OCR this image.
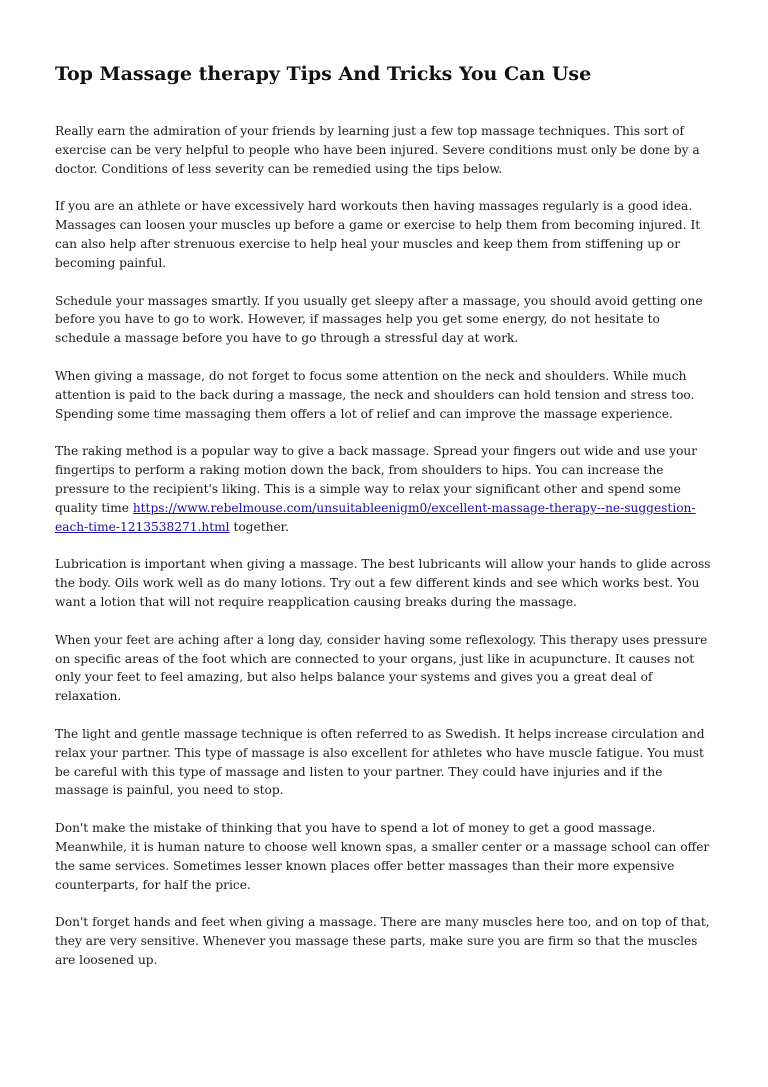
Top Massage therapy Tips And Tricks You Can Use

Really earn the admiration of your friends by learning just a few top massage techniques. This sort of exercise can be very helpful to people who have been injured. Severe conditions must only be done by a doctor. Conditions of less severity can be remedied using the tips below.

If you are an athlete or have excessively hard workouts then having massages regularly is a good idea. Massages can loosen your muscles up before a game or exercise to help them from becoming injured. It can also help after strenuous exercise to help heal your muscles and keep them from stiffening up or becoming painful.

Schedule your massages smartly. If you usually get sleepy after a massage, you should avoid getting one before you have to go to work. However, if massages help you get some energy, do not hesitate to schedule a massage before you have to go through a stressful day at work.

When giving a massage, do not forget to focus some attention on the neck and shoulders. While much attention is paid to the back during a massage, the neck and shoulders can hold tension and stress too. Spending some time massaging them offers a lot of relief and can improve the massage experience.

The raking method is a popular way to give a back massage. Spread your fingers out wide and use your fingertips to perform a raking motion down the back, from shoulders to hips. You can increase the pressure to the recipient's liking. This is a simple way to relax your significant other and spend some quality time https://www.rebelmouse.com/unsuitableenigm0/excellent-massage-therapy--ne-suggestion-each-time-1213538271.html together.

Lubrication is important when giving a massage. The best lubricants will allow your hands to glide across the body. Oils work well as do many lotions. Try out a few different kinds and see which works best. You want a lotion that will not require reapplication causing breaks during the massage.

When your feet are aching after a long day, consider having some reflexology. This therapy uses pressure on specific areas of the foot which are connected to your organs, just like in acupuncture. It causes not only your feet to feel amazing, but also helps balance your systems and gives you a great deal of relaxation.

The light and gentle massage technique is often referred to as Swedish. It helps increase circulation and relax your partner. This type of massage is also excellent for athletes who have muscle fatigue. You must be careful with this type of massage and listen to your partner. They could have injuries and if the massage is painful, you need to stop.

Don't make the mistake of thinking that you have to spend a lot of money to get a good massage. Meanwhile, it is human nature to choose well known spas, a smaller center or a massage school can offer the same services. Sometimes lesser known places offer better massages than their more expensive counterparts, for half the price.

Don't forget hands and feet when giving a massage. There are many muscles here too, and on top of that, they are very sensitive. Whenever you massage these parts, make sure you are firm so that the muscles are loosened up.
